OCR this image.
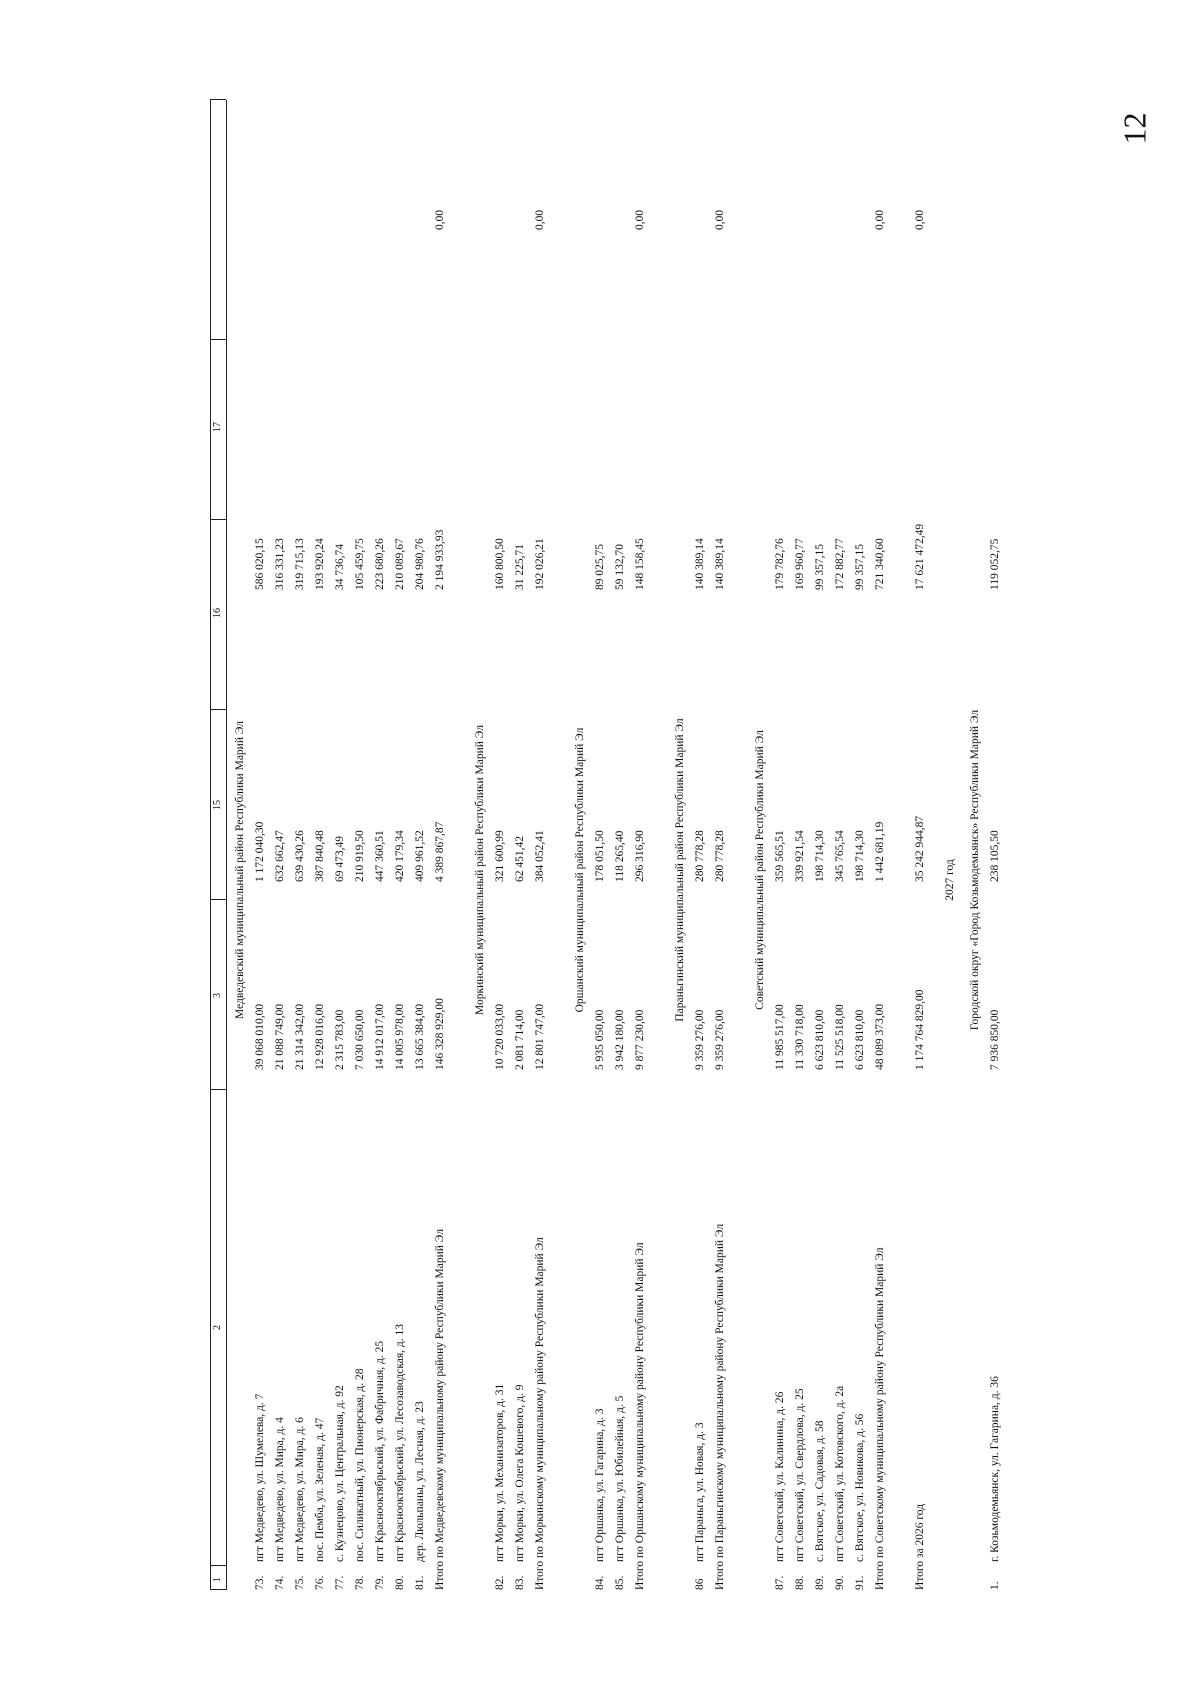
12
1
2
3
15
16
17
Медведевский муниципальный район Республики Марий Эл
73.
пгт Медведево, ул. Шумелева, д. 7
39 068 010,00
1 172 040,30
586 020,15
74.
пгт Медведево, ул. Мира, д. 4
21 088 749,00
632 662,47
316 331,23
75.
пгт Медведево, ул. Мира, д. 6
21 314 342,00
639 430,26
319 715,13
76.
пос. Пемба, ул. Зеленая, д. 47
12 928 016,00
387 840,48
193 920,24
77.
с. Кузнецово, ул. Центральная, д. 92
2 315 783,00
69 473,49
34 736,74
78.
пос. Силикатный, ул. Пионерская, д. 28
7 030 650,00
210 919,50
105 459,75
79.
пгт Краснооктябрьский, ул. Фабричная, д. 25
14 912 017,00
447 360,51
223 680,26
80.
пгт Краснооктябрьский, ул. Лесозаводская, д. 13
14 005 978,00
420 179,34
210 089,67
81.
дер. Люльпаны, ул. Лесная, д. 23
13 665 384,00
409 961,52
204 980,76
Итого по Медведевскому муниципальному району Республики Марий Эл
146 328 929,00
4 389 867,87
2 194 933,93
0,00
Моркинский муниципальный район Республики Марий Эл
82.
пгт Морки, ул. Механизаторов, д. 31
10 720 033,00
321 600,99
160 800,50
83.
пгт Морки, ул. Олега Кошевого, д. 9
2 081 714,00
62 451,42
31 225,71
Итого по Моркинскому муниципальному району Республики Марий Эл
12 801 747,00
384 052,41
192 026,21
0,00
Оршанский муниципальный район Республики Марий Эл
84.
пгт Оршанка, ул. Гагарина, д. 3
5 935 050,00
178 051,50
89 025,75
85.
пгт Оршанка, ул. Юбилейная, д. 5
3 942 180,00
118 265,40
59 132,70
Итого по Оршанскому муниципальному району Республики Марий Эл
9 877 230,00
296 316,90
148 158,45
0,00
Параньгинский муниципальный район Республики Марий Эл
86
пгт Параньга, ул. Новая, д. 3
9 359 276,00
280 778,28
140 389,14
Итого по Параньгинскому муниципальному району Республики Марий Эл
9 359 276,00
280 778,28
140 389,14
0,00
Советский муниципальный район Республики Марий Эл
87.
пгт Советский, ул. Калинина, д. 26
11 985 517,00
359 565,51
179 782,76
88.
пгт Советский, ул. Свердлова, д. 25
11 330 718,00
339 921,54
169 960,77
89.
с. Вятское, ул. Садовая, д. 58
6 623 810,00
198 714,30
99 357,15
90.
пгт Советский, ул. Котовского, д. 2а
11 525 518,00
345 765,54
172 882,77
91.
с. Вятское, ул. Новикова, д. 56
6 623 810,00
198 714,30
99 357,15
Итого по Советскому муниципальному району Республики Марий Эл
48 089 373,00
1 442 681,19
721 340,60
0,00
Итого за 2026 год
1 174 764 829,00
35 242 944,87
17 621 472,49
0,00
2027 год	Городской округ «Город Козьмодемьянск» Республики Марий Эл
1.
г. Козьмодемьянск, ул. Гагарина, д. 36
7 936 850,00
238 105,50
119 052,75
